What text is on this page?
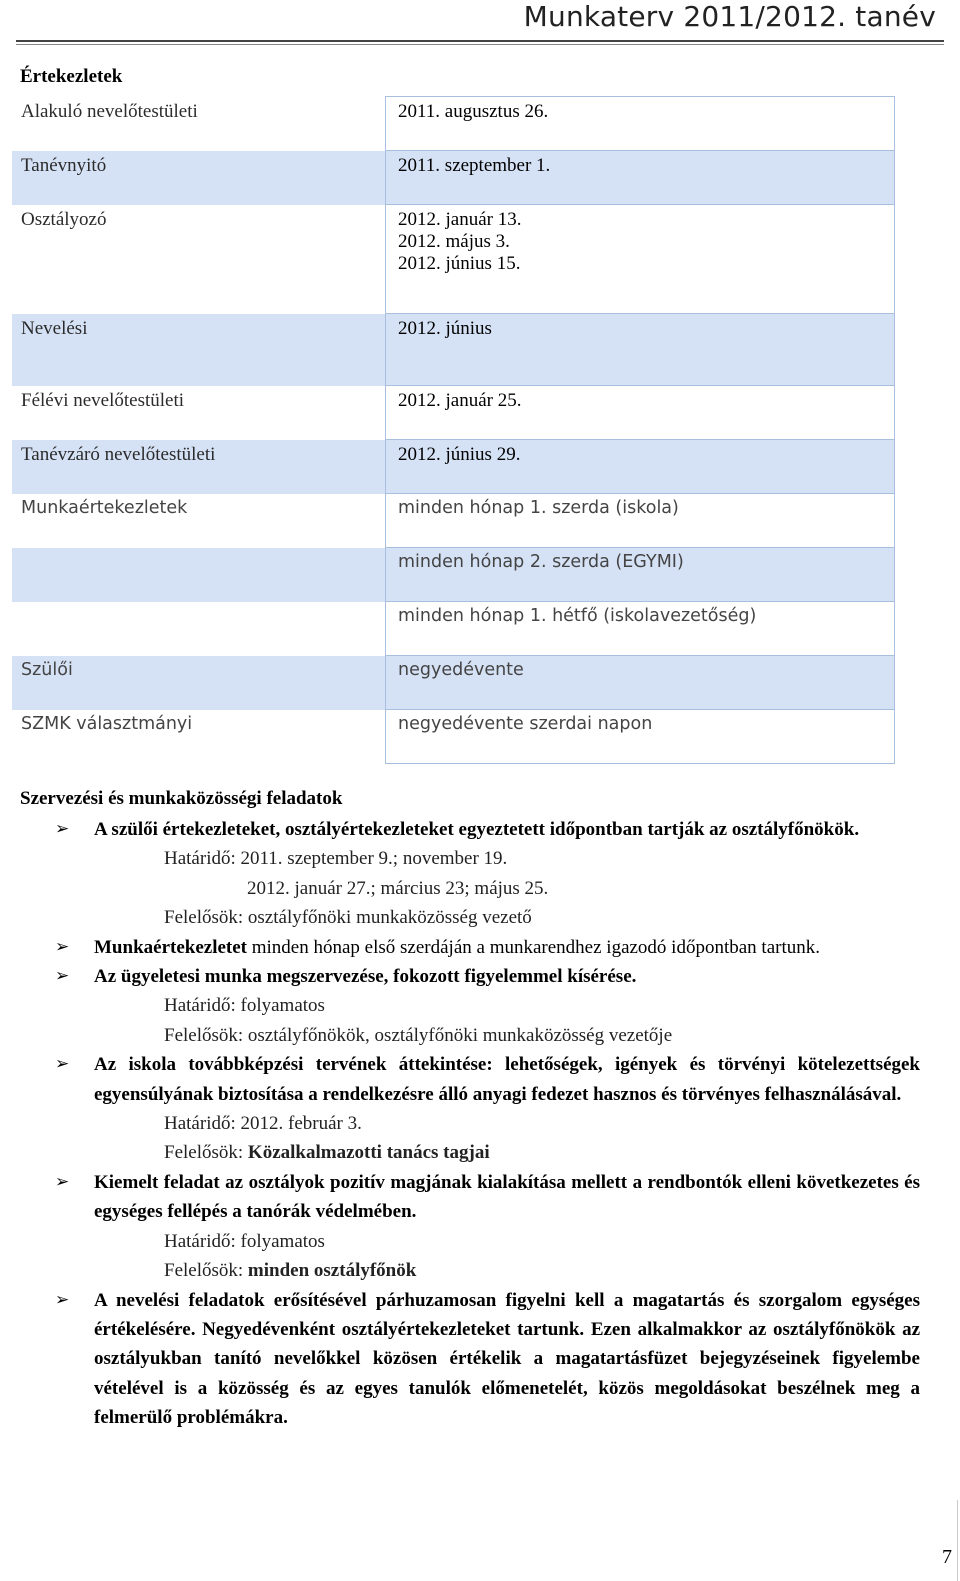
Munkaterv 2011/2012. tanév
Értekezletek
Alakuló nevelőtestületi	2011. augusztus 26.
Tanévnyitó	2011. szeptember 1.
Osztályozó	2012. január 13.
2012. május 3.
2012. június 15.

Nevelési	2012. június
Félévi nevelőtestületi	2012. január 25.
Tanévzáró nevelőtestületi	2012. június 29.
Munkaértekezletek	minden hónap 1. szerda (iskola)
	minden hónap 2. szerda (EGYMI)
	minden hónap 1. hétfő (iskolavezetőség)
Szülői	negyedévente
SZMK választmányi	negyedévente szerdai napon
Szervezési és munkaközösségi feladatok
➢ A szülői értekezleteket, osztályértekezleteket egyeztetett időpontban tartják az osztályfőnökök.
Határidő: 2011. szeptember 9.; november 19.
2012. január 27.; március 23; május 25.
Felelősök: osztályfőnöki munkaközösség vezető
➢ Munkaértekezletet minden hónap első szerdáján a munkarendhez igazodó időpontban tartunk.
➢ Az ügyeletesi munka megszervezése, fokozott figyelemmel kísérése.
Határidő: folyamatos
Felelősök: osztályfőnökök, osztályfőnöki munkaközösség vezetője
➢ Az iskola továbbképzési tervének áttekintése: lehetőségek, igények és törvényi kötelezettségek egyensúlyának biztosítása a rendelkezésre álló anyagi fedezet hasznos és törvényes felhasználásával.
Határidő: 2012. február 3.
Felelősök: Közalkalmazotti tanács tagjai
➢ Kiemelt feladat az osztályok pozitív magjának kialakítása mellett a rendbontók elleni következetes és egységes fellépés a tanórák védelmében.
Határidő: folyamatos
Felelősök: minden osztályfőnök
➢ A nevelési feladatok erősítésével párhuzamosan figyelni kell a magatartás és szorgalom egységes értékelésére. Negyedévenként osztályértekezleteket tartunk. Ezen alkalmakkor az osztályfőnökök az osztályukban tanító nevelőkkel közösen értékelik a magatartásfüzet bejegyzéseinek figyelembe vételével is a közösség és az egyes tanulók előmenetelét, közös megoldásokat beszélnek meg a felmerülő problémákra.
7
